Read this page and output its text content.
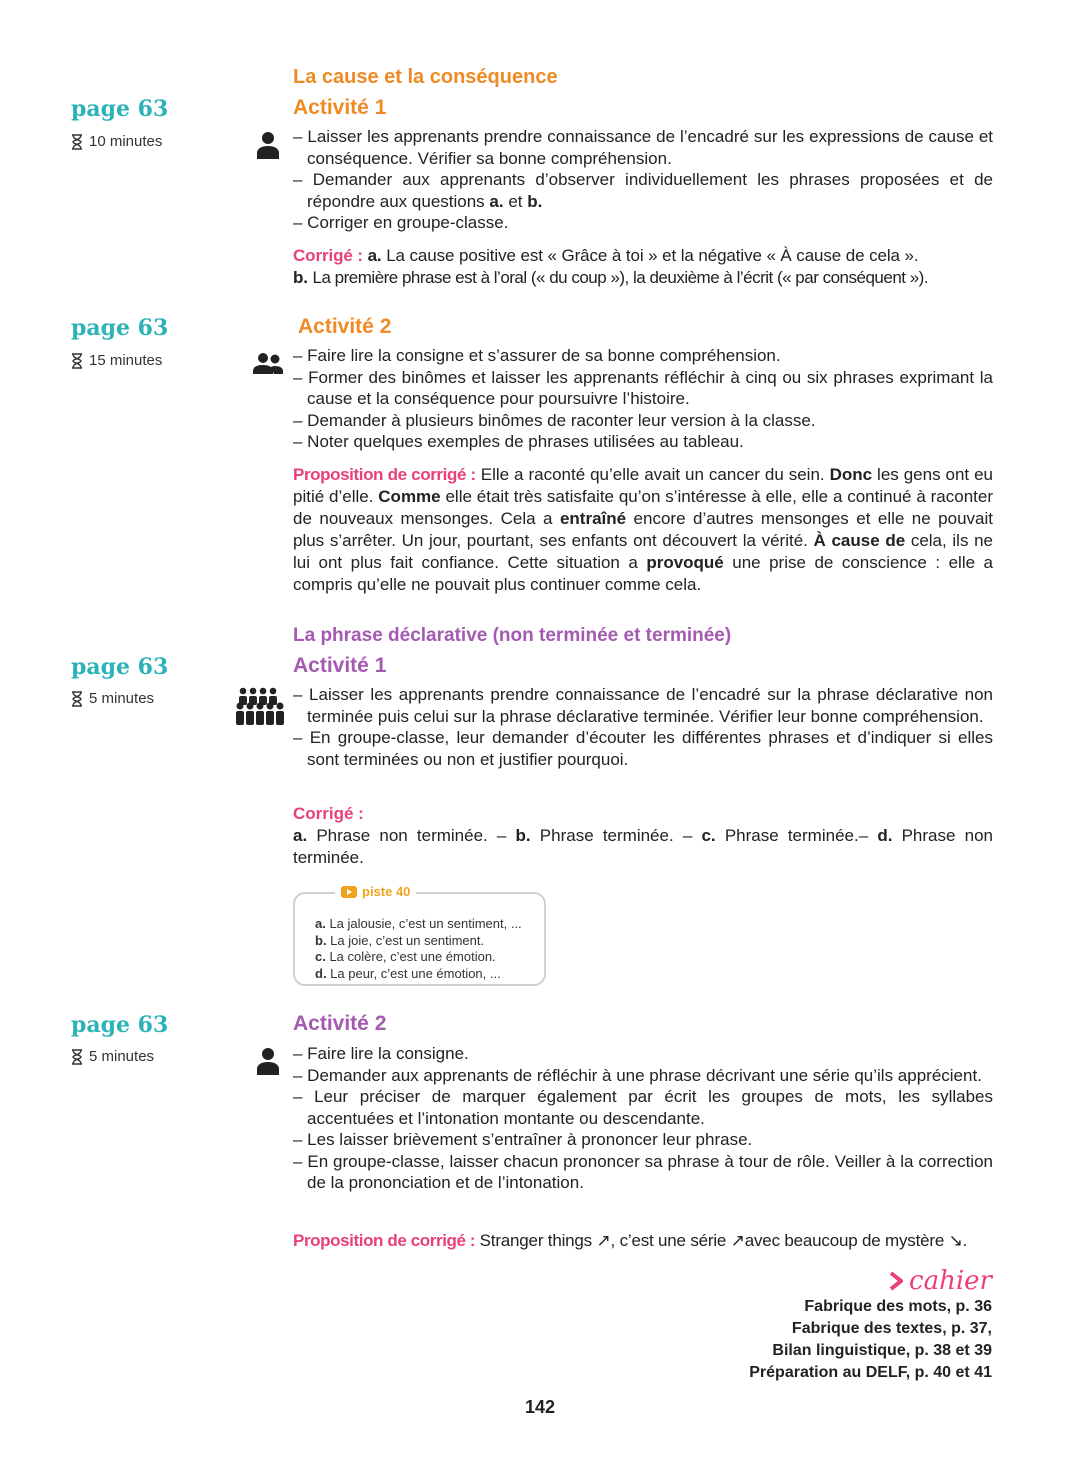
La cause et la conséquence
page 63
10 minutes
Activité 1
– Laisser les apprenants prendre connaissance de l’encadré sur les expressions de cause et conséquence. Vérifier sa bonne compréhension.
– Demander aux apprenants d’observer individuellement les phrases proposées et de répondre aux questions a. et b.
– Corriger en groupe-classe.

Corrigé : a. La cause positive est « Grâce à toi » et la négative « À cause de cela ».
b. La première phrase est à l’oral (« du coup »), la deuxième à l’écrit (« par conséquent »).

page 63
15 minutes
Activité 2
– Faire lire la consigne et s’assurer de sa bonne compréhension.
– Former des binômes et laisser les apprenants réfléchir à cinq ou six phrases exprimant la cause et la conséquence pour poursuivre l’histoire.
– Demander à plusieurs binômes de raconter leur version à la classe.
– Noter quelques exemples de phrases utilisées au tableau.

Proposition de corrigé : Elle a raconté qu’elle avait un cancer du sein. Donc les gens ont eu pitié d’elle. Comme elle était très satisfaite qu’on s’intéresse à elle, elle a continué à raconter de nouveaux mensonges. Cela a entraîné encore d’autres mensonges et elle ne pouvait plus s’arrêter. Un jour, pourtant, ses enfants ont découvert la vérité. À cause de cela, ils ne lui ont plus fait confiance. Cette situation a provoqué une prise de conscience : elle a compris qu’elle ne pouvait plus continuer comme cela.

La phrase déclarative (non terminée et terminée)
page 63
5 minutes
Activité 1
– Laisser les apprenants prendre connaissance de l’encadré sur la phrase déclarative non terminée puis celui sur la phrase déclarative terminée. Vérifier leur bonne compréhension.
– En groupe-classe, leur demander d’écouter les différentes phrases et d’indiquer si elles sont terminées ou non et justifier pourquoi.
Corrigé :

a. Phrase non terminée. – b. Phrase terminée. – c. Phrase terminée.– d. Phrase non terminée.

piste 40
a. La jalousie, c’est un sentiment, ...
b. La joie, c’est un sentiment.
c. La colère, c’est une émotion.
d. La peur, c’est une émotion, ...
page 63
5 minutes
Activité 2
– Faire lire la consigne.
– Demander aux apprenants de réfléchir à une phrase décrivant une série qu’ils apprécient.
– Leur préciser de marquer également par écrit les groupes de mots, les syllabes accentuées et l’intonation montante ou descendante.
– Les laisser brièvement s’entraîner à prononcer leur phrase.
– En groupe-classe, laisser chacun prononcer sa phrase à tour de rôle. Veiller à la correction de la prononciation et de l’intonation.

Proposition de corrigé : Stranger things ↗, c’est une série ↗avec beaucoup de mystère ↘.

cahier
Fabrique des mots, p. 36
Fabrique des textes, p. 37,
Bilan linguistique, p. 38 et 39
Préparation au DELF, p. 40 et 41
142
